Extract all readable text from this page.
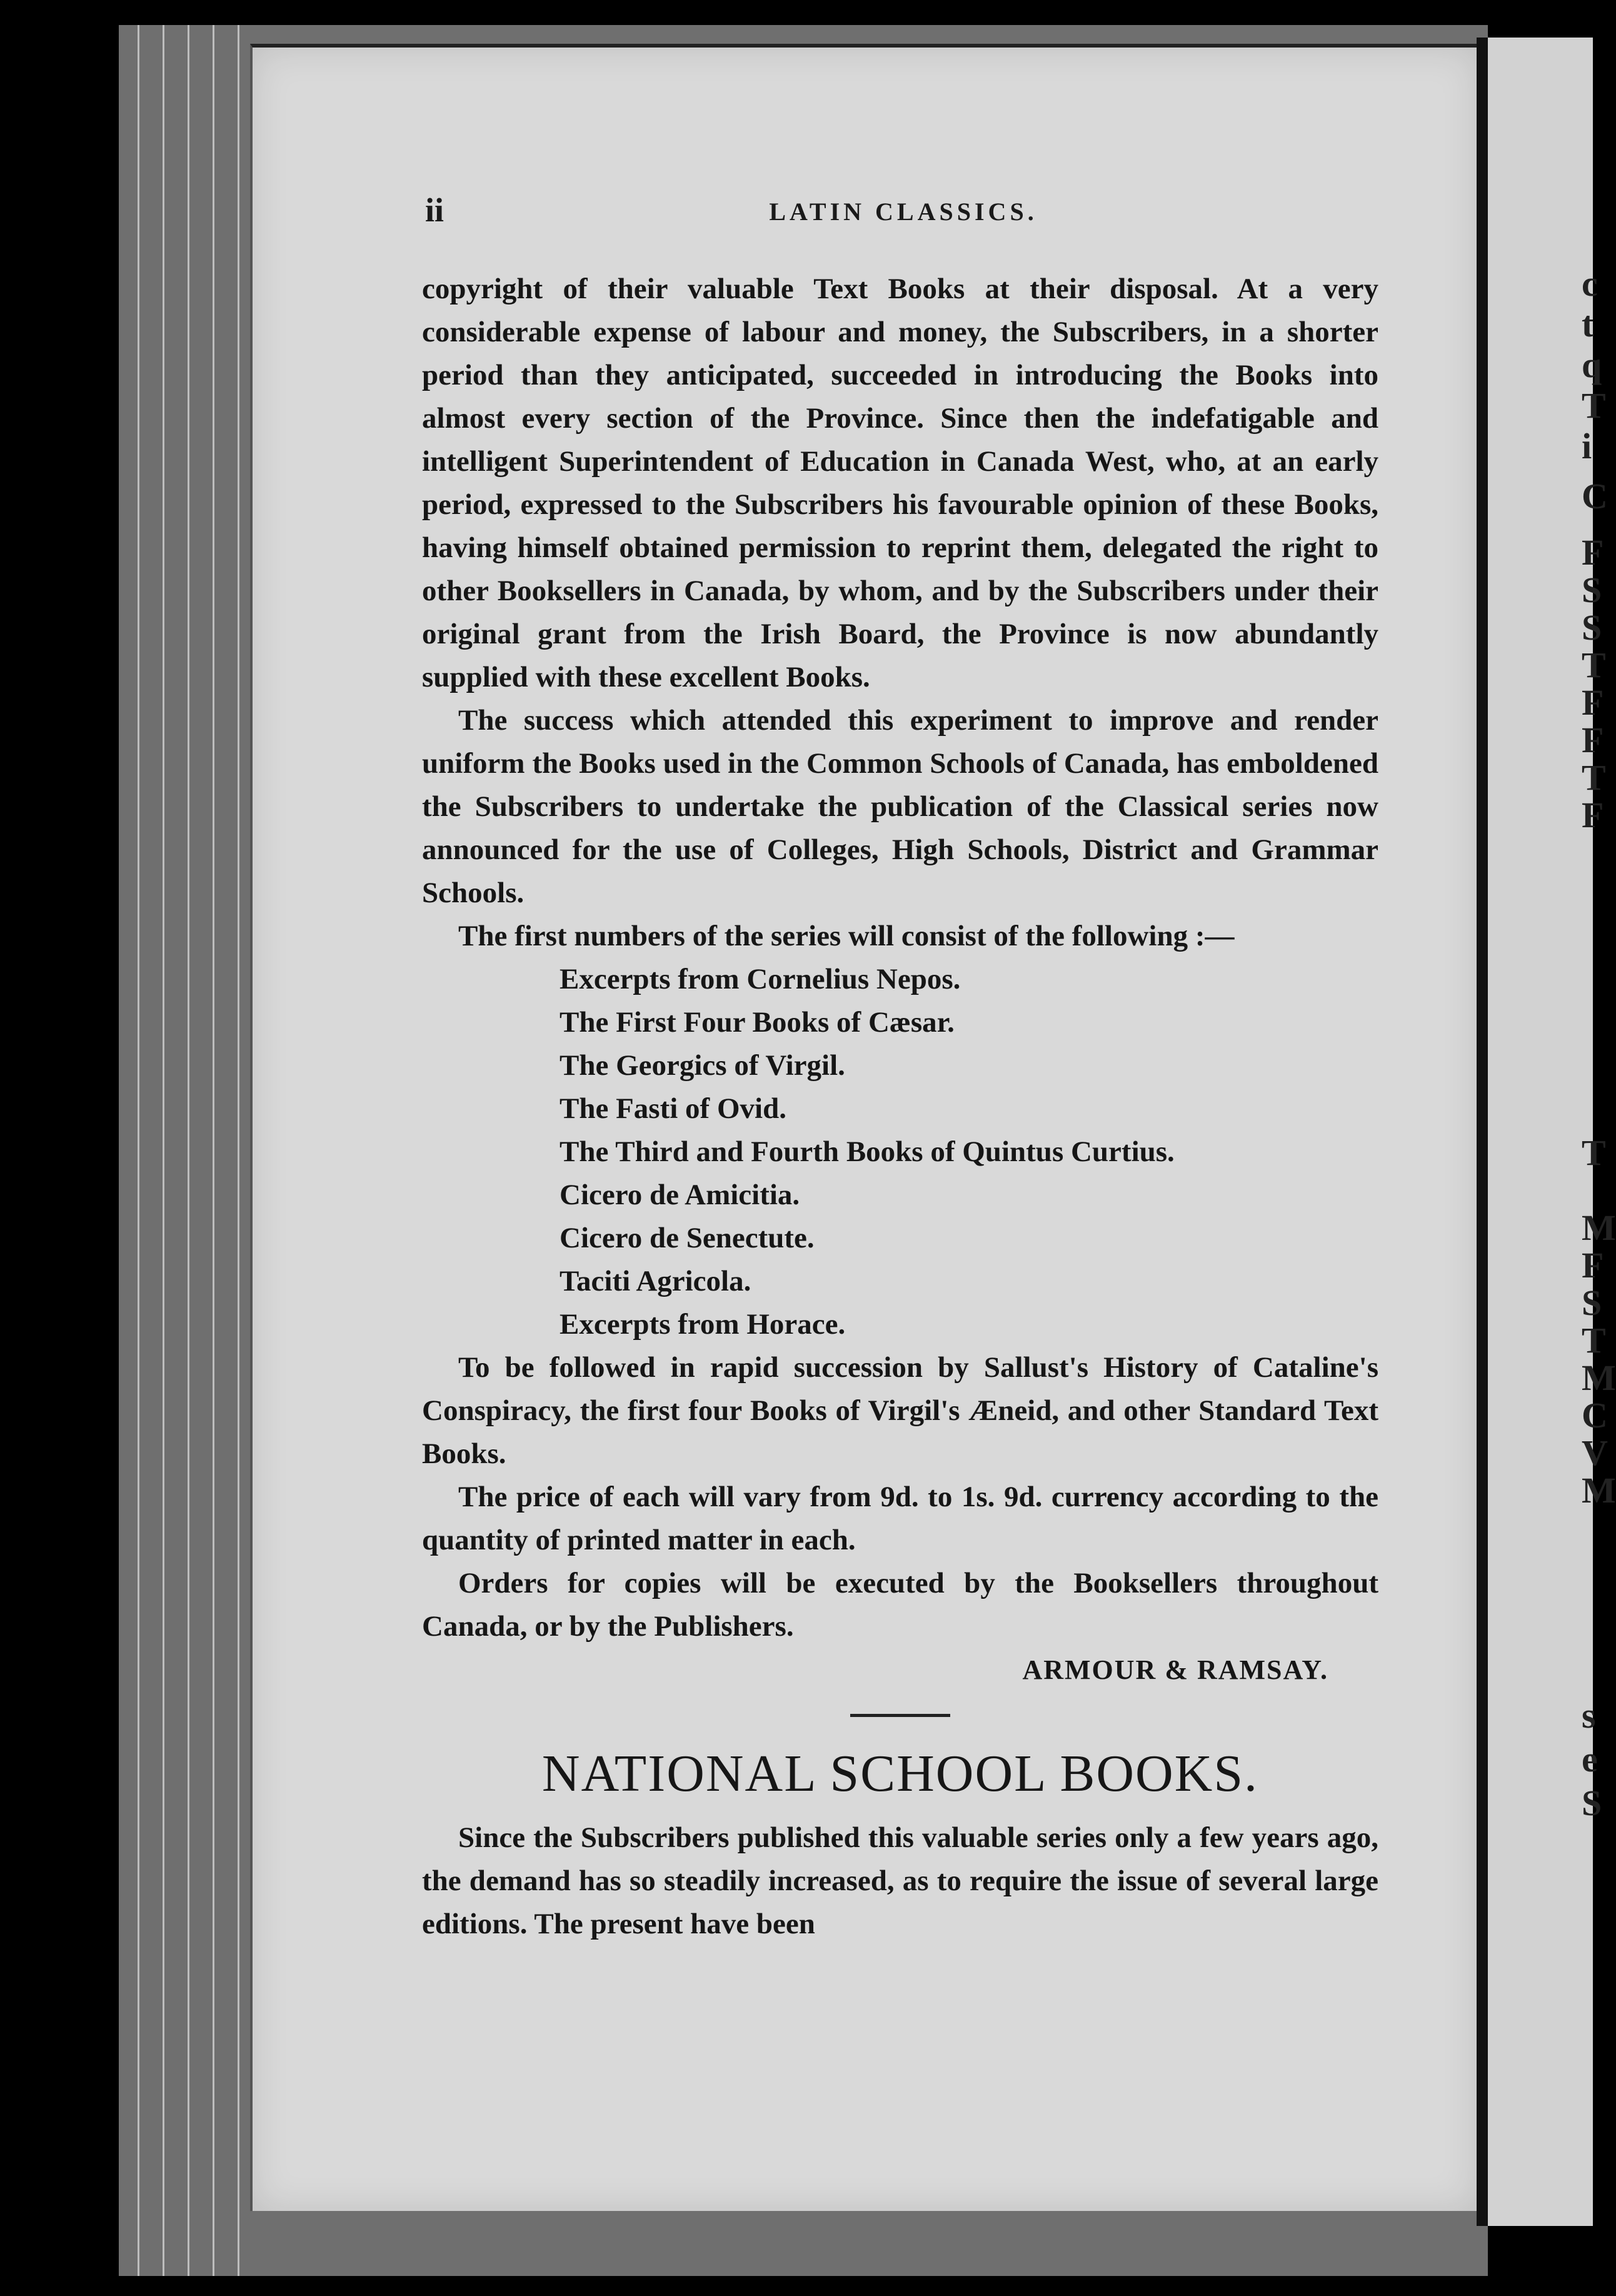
c
t
q
T
i
C
F
S
S
T
F
F
T
F
T
M
F
S
T
M
C
V
M
s
e
S
ii	LATIN CLASSICS.

copyright of their valuable Text Books at their disposal. At a very considerable expense of labour and money, the Subscribers, in a shorter period than they anticipated, succeeded in introducing the Books into almost every section of the Province. Since then the indefatigable and intelligent Superintendent of Education in Canada West, who, at an early period, expressed to the Subscribers his favourable opinion of these Books, having himself obtained permission to reprint them, delegated the right to other Booksellers in Canada, by whom, and by the Subscribers under their original grant from the Irish Board, the Province is now abundantly supplied with these excellent Books.

The success which attended this experiment to improve and render uniform the Books used in the Common Schools of Canada, has emboldened the Subscribers to undertake the publication of the Classical series now announced for the use of Colleges, High Schools, District and Grammar Schools.

The first numbers of the series will consist of the following :—

Excerpts from Cornelius Nepos.
The First Four Books of Cæsar.
The Georgics of Virgil.
The Fasti of Ovid.
The Third and Fourth Books of Quintus Curtius.
Cicero de Amicitia.
Cicero de Senectute.
Taciti Agricola.
Excerpts from Horace.

To be followed in rapid succession by Sallust's History of Cataline's Conspiracy, the first four Books of Virgil's Æneid, and other Standard Text Books.

The price of each will vary from 9d. to 1s. 9d. currency according to the quantity of printed matter in each.

Orders for copies will be executed by the Booksellers throughout Canada, or by the Publishers.

ARMOUR & RAMSAY.

NATIONAL SCHOOL BOOKS.

Since the Subscribers published this valuable series only a few years ago, the demand has so steadily increased, as to require the issue of several large editions. The present have been
